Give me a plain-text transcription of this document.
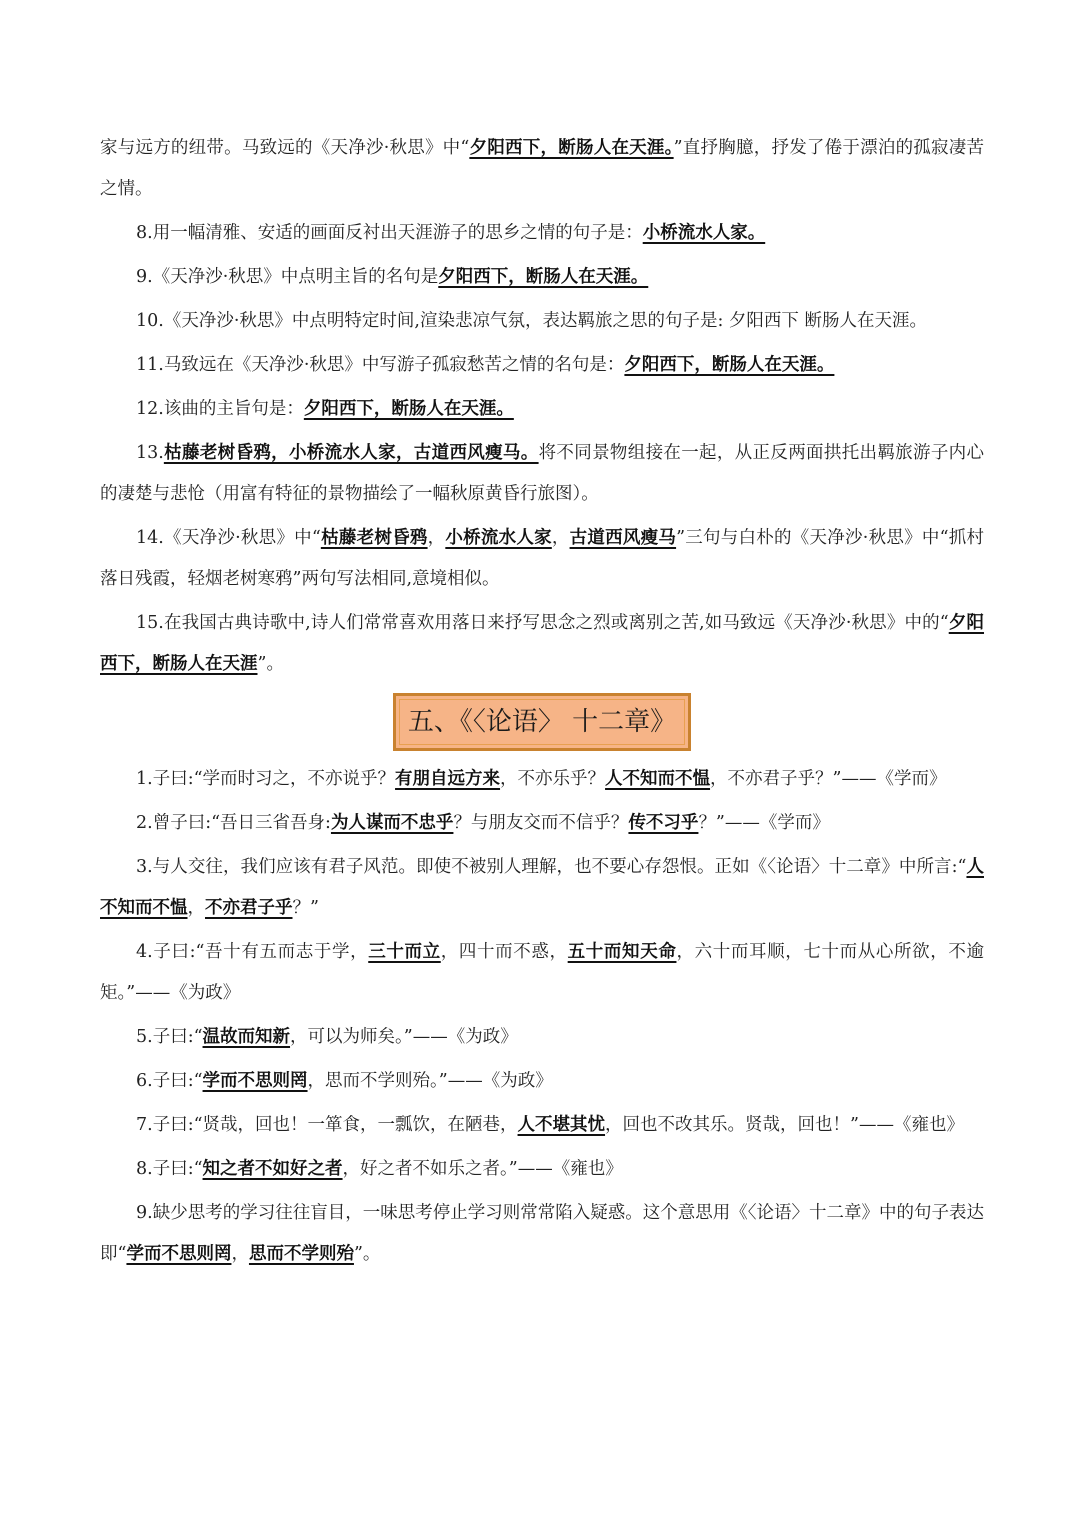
家与远方的纽带。马致远的《天净沙·秋思》中“夕阳西下，断肠人在天涯。”直抒胸臆，抒发了倦于漂泊的孤寂凄苦之情。

8.用一幅清雅、安适的画面反衬出天涯游子的思乡之情的句子是：小桥流水人家。

9.《天净沙·秋思》中点明主旨的名句是夕阳西下，断肠人在天涯。

10.《天净沙·秋思》中点明特定时间,渲染悲凉气氛，表达羁旅之思的句子是: 夕阳西下 断肠人在天涯。

11.马致远在《天净沙·秋思》中写游子孤寂愁苦之情的名句是：夕阳西下，断肠人在天涯。

12.该曲的主旨句是：夕阳西下，断肠人在天涯。

13.枯藤老树昏鸦，小桥流水人家，古道西风瘦马。将不同景物组接在一起，从正反两面拱托出羁旅游子内心的凄楚与悲怆（用富有特征的景物描绘了一幅秋原黄昏行旅图）。

14.《天净沙·秋思》中“枯藤老树昏鸦，小桥流水人家，古道西风瘦马”三句与白朴的《天净沙·秋思》中“抓村落日残霞，轻烟老树寒鸦”两句写法相同,意境相似。

15.在我国古典诗歌中,诗人们常常喜欢用落日来抒写思念之烈或离别之苦,如马致远《天净沙·秋思》中的“夕阳西下，断肠人在天涯”。

五、《〈论语〉 十二章》

1.子曰:“学而时习之，不亦说乎？有朋自远方来，不亦乐乎？人不知而不愠，不亦君子乎？”——《学而》

2.曾子曰:“吾日三省吾身:为人谋而不忠乎？与朋友交而不信乎？传不习乎？”——《学而》

3.与人交往，我们应该有君子风范。即使不被别人理解，也不要心存怨恨。正如《〈论语〉十二章》中所言:“人不知而不愠，不亦君子乎？”

4.子曰:“吾十有五而志于学，三十而立，四十而不惑，五十而知天命，六十而耳顺，七十而从心所欲，不逾矩。”——《为政》

5.子曰:“温故而知新，可以为师矣。”——《为政》

6.子曰:“学而不思则罔，思而不学则殆。”——《为政》

7.子曰:“贤哉，回也！一箪食，一瓢饮，在陋巷，人不堪其忧，回也不改其乐。贤哉，回也！”——《雍也》

8.子曰:“知之者不如好之者，好之者不如乐之者。”——《雍也》

9.缺少思考的学习往往盲目，一味思考停止学习则常常陷入疑惑。这个意思用《〈论语〉十二章》中的句子表达即“学而不思则罔，思而不学则殆”。
